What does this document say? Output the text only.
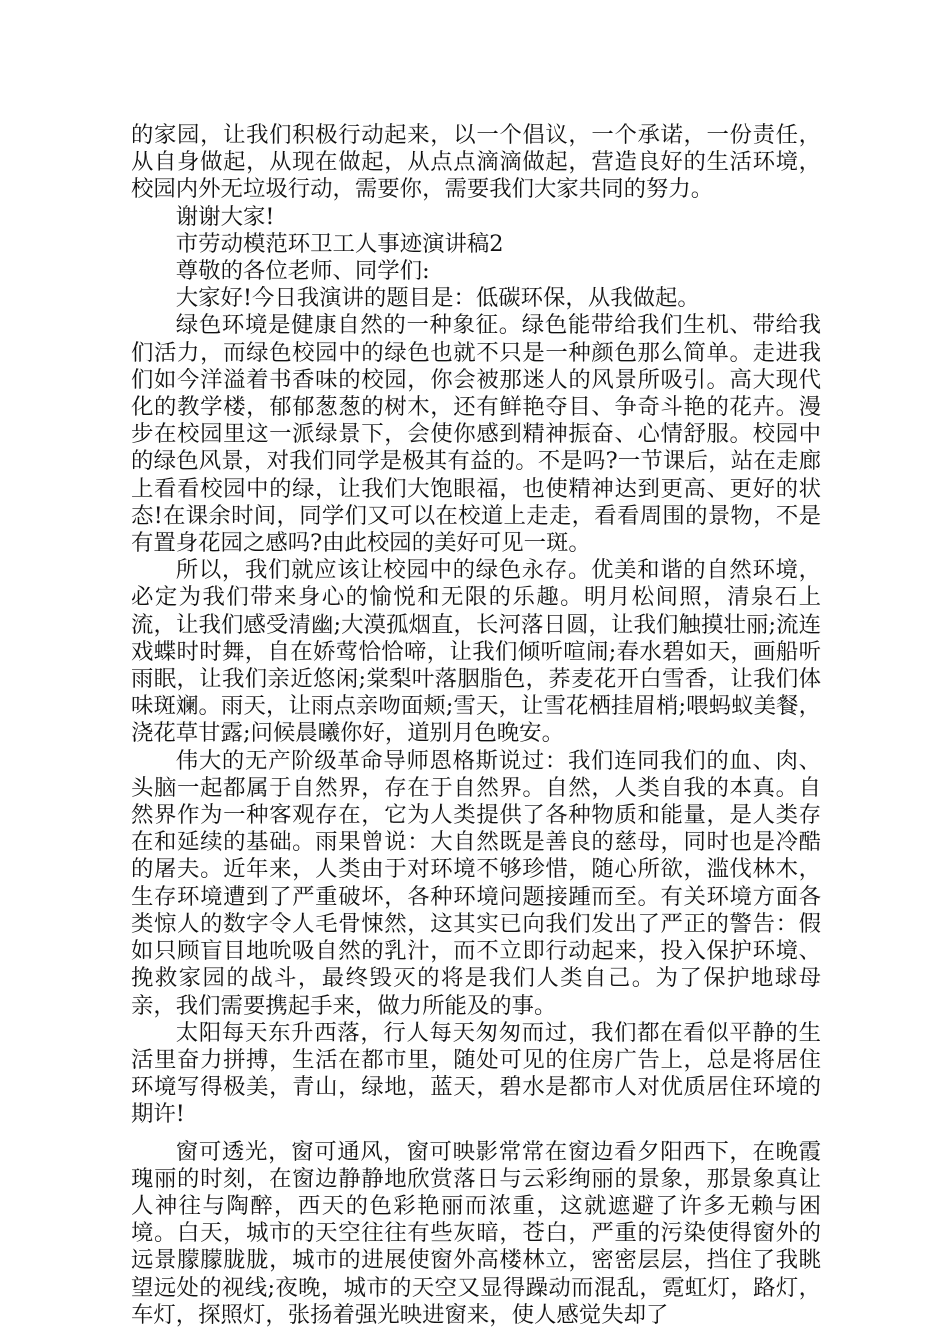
的家园，让我们积极行动起来，以一个倡议，一个承诺，一份责任，从自身做起，从现在做起，从点点滴滴做起，营造良好的生活环境，校园内外无垃圾行动，需要你，需要我们大家共同的努力。

谢谢大家!

市劳动模范环卫工人事迹演讲稿2

尊敬的各位老师、同学们:

大家好!今日我演讲的题目是：低碳环保，从我做起。

绿色环境是健康自然的一种象征。绿色能带给我们生机、带给我们活力，而绿色校园中的绿色也就不只是一种颜色那么简单。走进我们如今洋溢着书香味的校园，你会被那迷人的风景所吸引。高大现代化的教学楼，郁郁葱葱的树木，还有鲜艳夺目、争奇斗艳的花卉。漫步在校园里这一派绿景下，会使你感到精神振奋、心情舒服。校园中的绿色风景，对我们同学是极其有益的。不是吗?一节课后，站在走廊上看看校园中的绿，让我们大饱眼福，也使精神达到更高、更好的状态!在课余时间，同学们又可以在校道上走走，看看周围的景物，不是有置身花园之感吗?由此校园的美好可见一斑。

所以，我们就应该让校园中的绿色永存。优美和谐的自然环境，必定为我们带来身心的愉悦和无限的乐趣。明月松间照，清泉石上流，让我们感受清幽;大漠孤烟直，长河落日圆，让我们触摸壮丽;流连戏蝶时时舞，自在娇莺恰恰啼，让我们倾听喧闹;春水碧如天，画船听雨眠，让我们亲近悠闲;棠梨叶落胭脂色，荞麦花开白雪香，让我们体味斑斓。雨天，让雨点亲吻面颊;雪天，让雪花栖挂眉梢;喂蚂蚁美餐，浇花草甘露;问候晨曦你好，道别月色晚安。

伟大的无产阶级革命导师恩格斯说过：我们连同我们的血、肉、头脑一起都属于自然界，存在于自然界。自然，人类自我的本真。自然界作为一种客观存在，它为人类提供了各种物质和能量，是人类存在和延续的基础。雨果曾说：大自然既是善良的慈母，同时也是冷酷的屠夫。近年来，人类由于对环境不够珍惜，随心所欲，滥伐林木，生存环境遭到了严重破坏，各种环境问题接踵而至。有关环境方面各类惊人的数字令人毛骨悚然，这其实已向我们发出了严正的警告：假如只顾盲目地吮吸自然的乳汁，而不立即行动起来，投入保护环境、挽救家园的战斗，最终毁灭的将是我们人类自己。为了保护地球母亲，我们需要携起手来，做力所能及的事。

太阳每天东升西落，行人每天匆匆而过，我们都在看似平静的生活里奋力拼搏，生活在都市里，随处可见的住房广告上，总是将居住环境写得极美，青山，绿地，蓝天，碧水是都市人对优质居住环境的期许!

窗可透光，窗可通风，窗可映影常常在窗边看夕阳西下，在晚霞瑰丽的时刻，在窗边静静地欣赏落日与云彩绚丽的景象，那景象真让人神往与陶醉，西天的色彩艳丽而浓重，这就遮避了许多无赖与困境。白天，城市的天空往往有些灰暗，苍白，严重的污染使得窗外的远景朦朦胧胧，城市的进展使窗外高楼林立，密密层层，挡住了我眺望远处的视线;夜晚，城市的天空又显得躁动而混乱，霓虹灯，路灯，车灯，探照灯，张扬着强光映进窗来，使人感觉失却了
